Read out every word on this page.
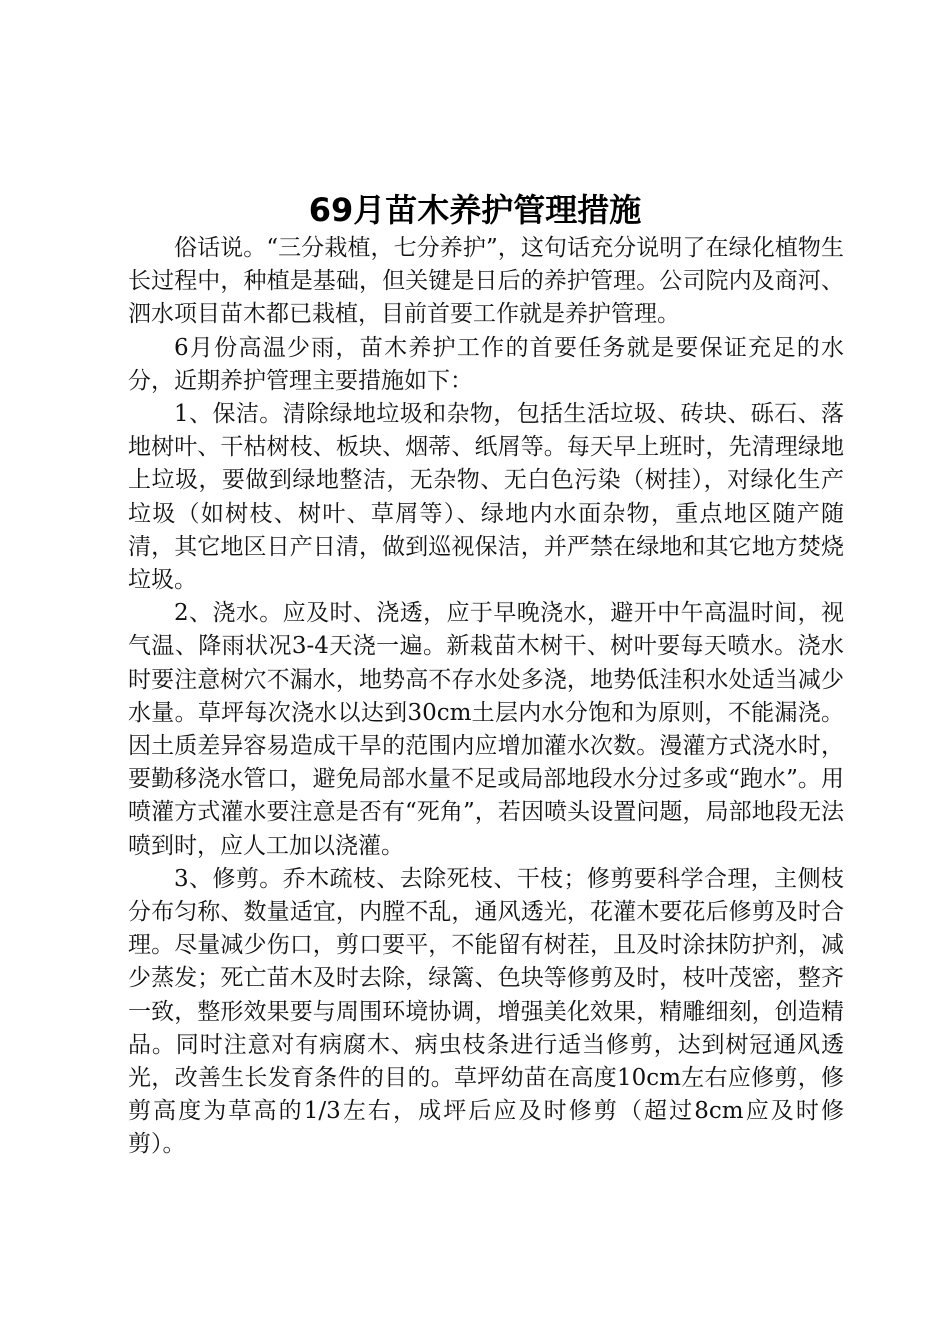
69月苗木养护管理措施

俗话说。“三分栽植，七分养护”，这句话充分说明了在绿化植物生长过程中，种植是基础，但关键是日后的养护管理。公司院内及商河、泗水项目苗木都已栽植，目前首要工作就是养护管理。

6月份高温少雨，苗木养护工作的首要任务就是要保证充足的水分，近期养护管理主要措施如下：

1、保洁。清除绿地垃圾和杂物，包括生活垃圾、砖块、砾石、落地树叶、干枯树枝、板块、烟蒂、纸屑等。每天早上班时，先清理绿地上垃圾，要做到绿地整洁，无杂物、无白色污染（树挂），对绿化生产垃圾（如树枝、树叶、草屑等）、绿地内水面杂物，重点地区随产随清，其它地区日产日清，做到巡视保洁，并严禁在绿地和其它地方焚烧垃圾。

2、浇水。应及时、浇透，应于早晚浇水，避开中午高温时间，视气温、降雨状况3-4天浇一遍。新栽苗木树干、树叶要每天喷水。浇水时要注意树穴不漏水，地势高不存水处多浇，地势低洼积水处适当减少水量。草坪每次浇水以达到30cm土层内水分饱和为原则，不能漏浇。因土质差异容易造成干旱的范围内应增加灌水次数。漫灌方式浇水时，要勤移浇水管口，避免局部水量不足或局部地段水分过多或“跑水”。用喷灌方式灌水要注意是否有“死角”，若因喷头设置问题，局部地段无法喷到时，应人工加以浇灌。

3、修剪。乔木疏枝、去除死枝、干枝；修剪要科学合理，主侧枝分布匀称、数量适宜，内膛不乱，通风透光，花灌木要花后修剪及时合理。尽量减少伤口，剪口要平，不能留有树茬，且及时涂抹防护剂，减少蒸发；死亡苗木及时去除，绿篱、色块等修剪及时，枝叶茂密，整齐一致，整形效果要与周围环境协调，增强美化效果，精雕细刻，创造精品。同时注意对有病腐木、病虫枝条进行适当修剪，达到树冠通风透光，改善生长发育条件的目的。草坪幼苗在高度10cm左右应修剪，修剪高度为草高的1/3左右，成坪后应及时修剪（超过8cm应及时修剪）。
